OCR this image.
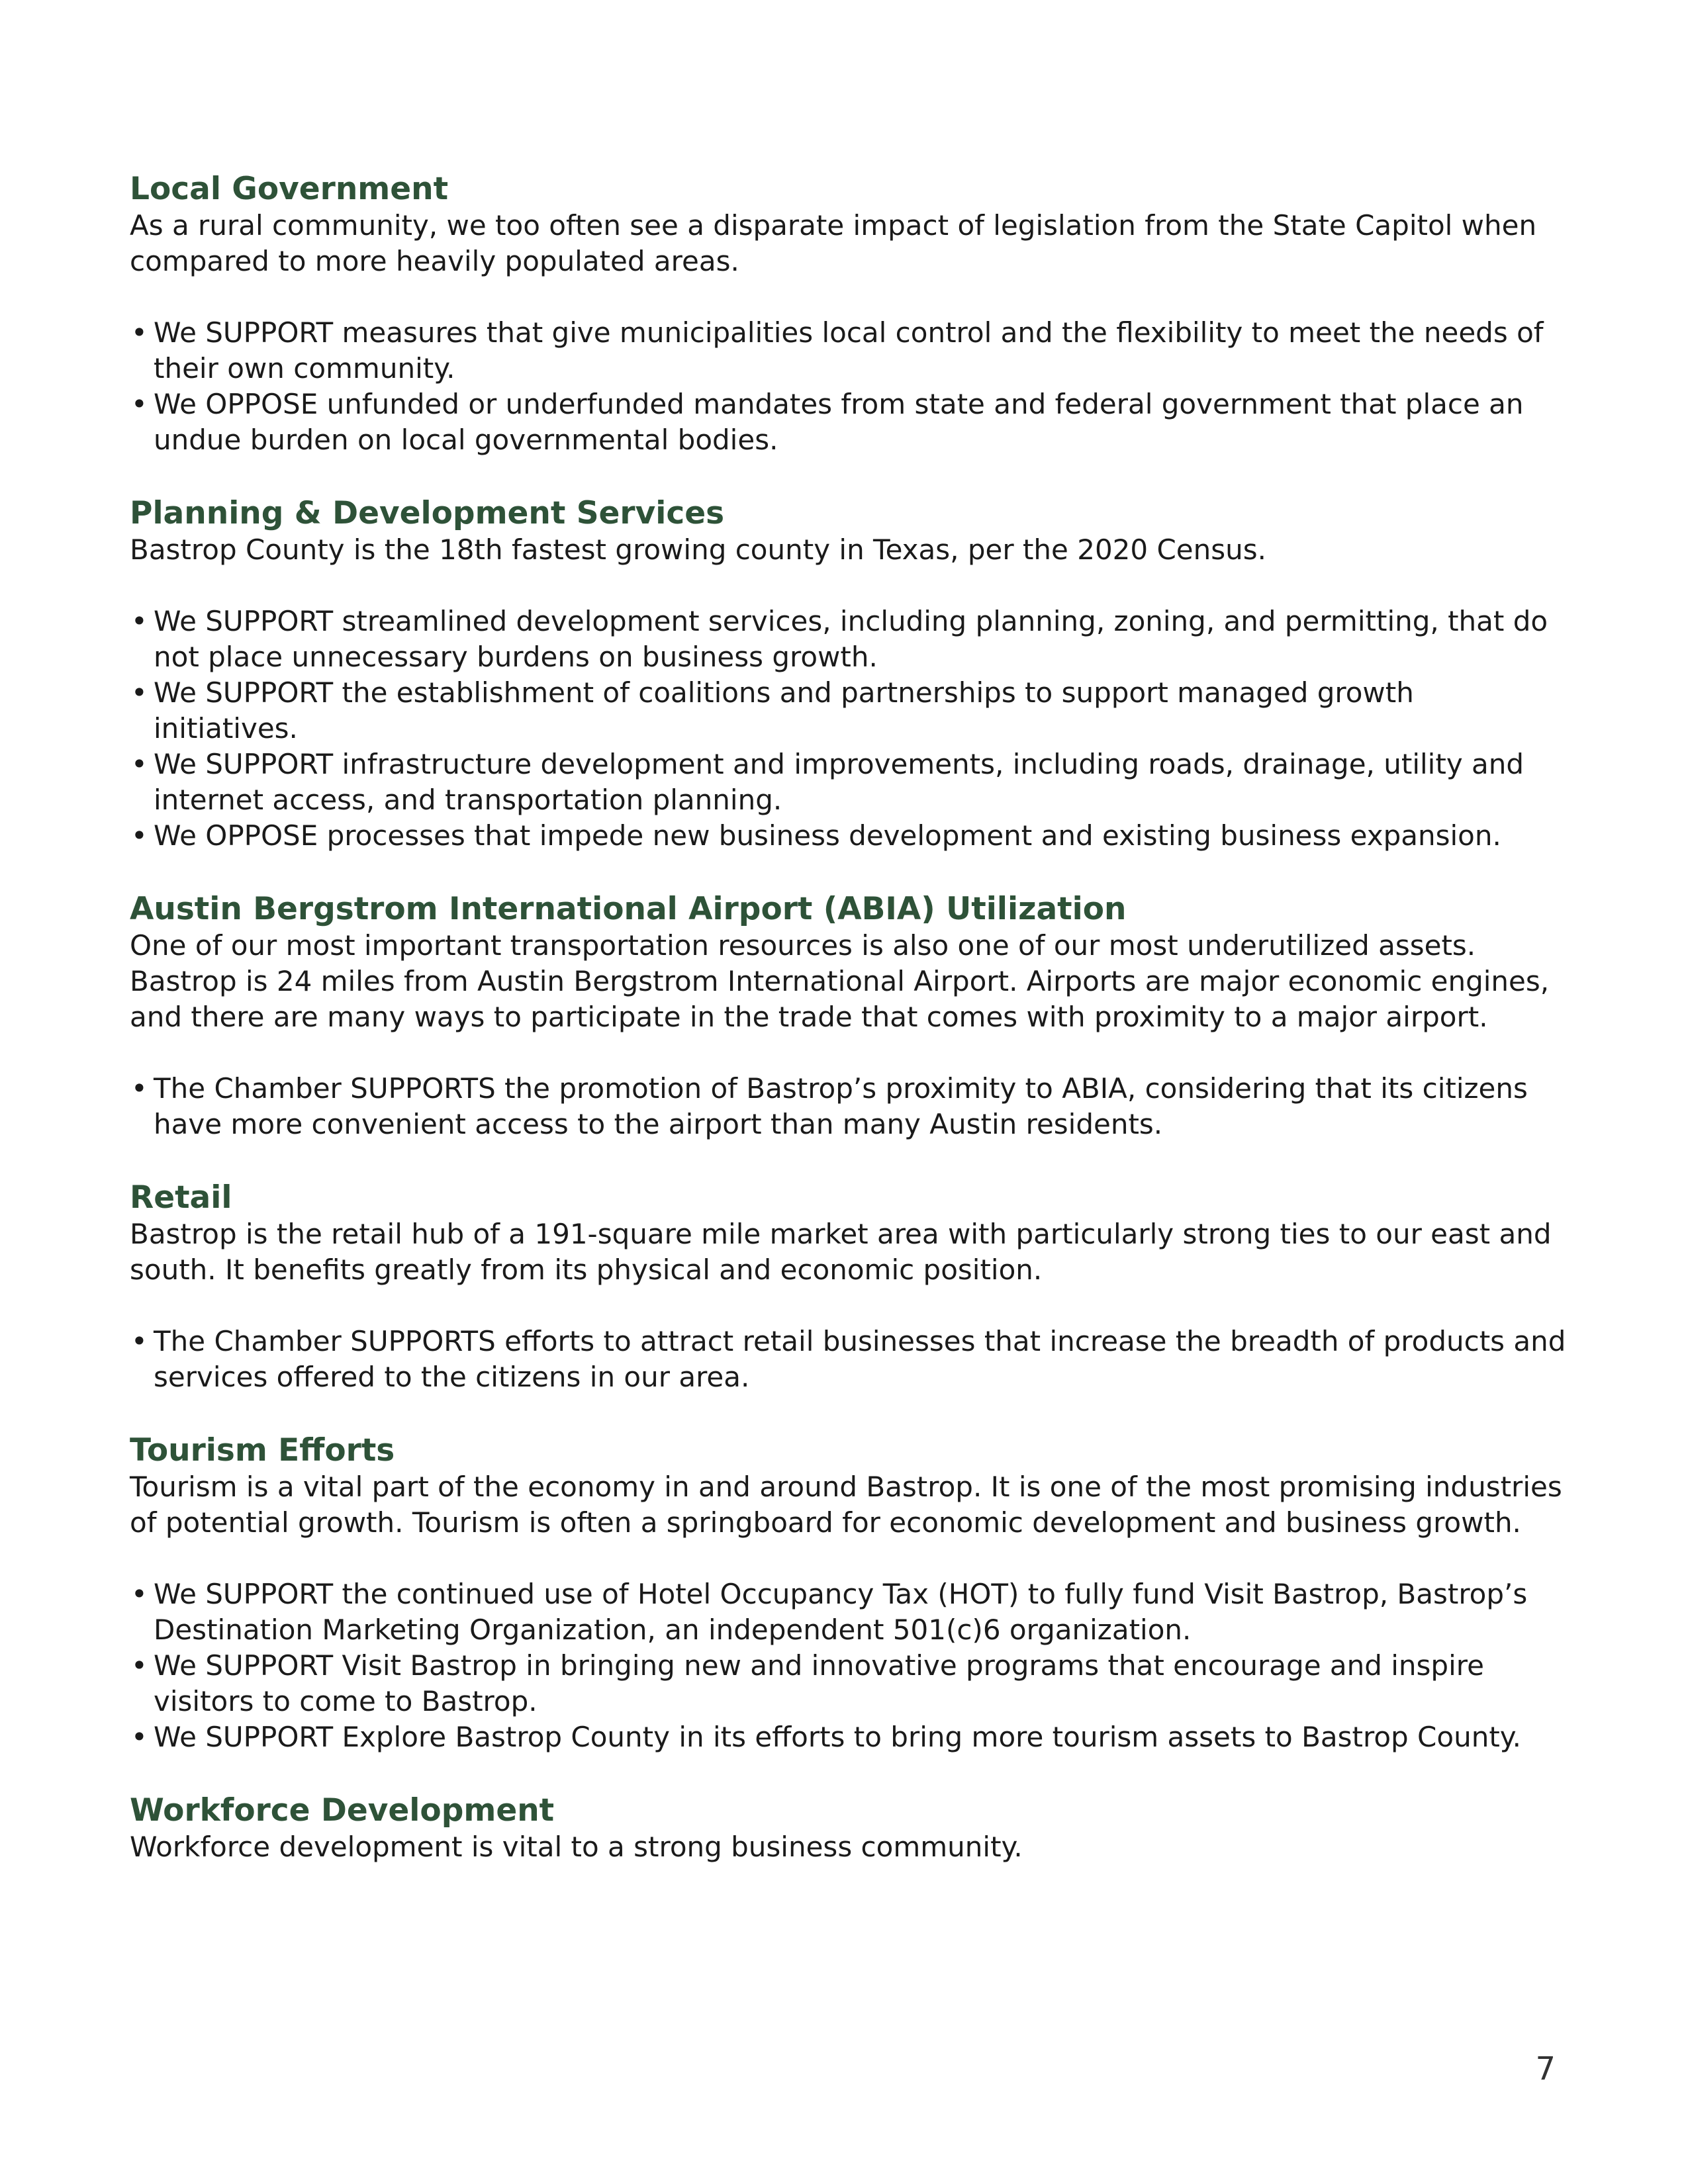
Local Government

As a rural community, we too often see a disparate impact of legislation from the State Capitol when compared to more heavily populated areas.

• We SUPPORT measures that give municipalities local control and the flexibility to meet the needs of their own community.
• We OPPOSE unfunded or underfunded mandates from state and federal government that place an undue burden on local governmental bodies.
Planning & Development Services

Bastrop County is the 18th fastest growing county in Texas, per the 2020 Census.

• We SUPPORT streamlined development services, including planning, zoning, and permitting, that do not place unnecessary burdens on business growth.
• We SUPPORT the establishment of coalitions and partnerships to support managed growth initiatives.
• We SUPPORT infrastructure development and improvements, including roads, drainage, utility and internet access, and transportation planning.
• We OPPOSE processes that impede new business development and existing business expansion.
Austin Bergstrom International Airport (ABIA) Utilization

One of our most important transportation resources is also one of our most underutilized assets. Bastrop is 24 miles from Austin Bergstrom International Airport. Airports are major economic engines, and there are many ways to participate in the trade that comes with proximity to a major airport.

• The Chamber SUPPORTS the promotion of Bastrop’s proximity to ABIA, considering that its citizens have more convenient access to the airport than many Austin residents.
Retail

Bastrop is the retail hub of a 191-square mile market area with particularly strong ties to our east and south. It benefits greatly from its physical and economic position.

• The Chamber SUPPORTS efforts to attract retail businesses that increase the breadth of products and services offered to the citizens in our area.
Tourism Efforts

Tourism is a vital part of the economy in and around Bastrop. It is one of the most promising industries of potential growth. Tourism is often a springboard for economic development and business growth.

• We SUPPORT the continued use of Hotel Occupancy Tax (HOT) to fully fund Visit Bastrop, Bastrop’s Destination Marketing Organization, an independent 501(c)6 organization.
• We SUPPORT Visit Bastrop in bringing new and innovative programs that encourage and inspire visitors to come to Bastrop.
• We SUPPORT Explore Bastrop County in its efforts to bring more tourism assets to Bastrop County.
Workforce Development

Workforce development is vital to a strong business community.

7
